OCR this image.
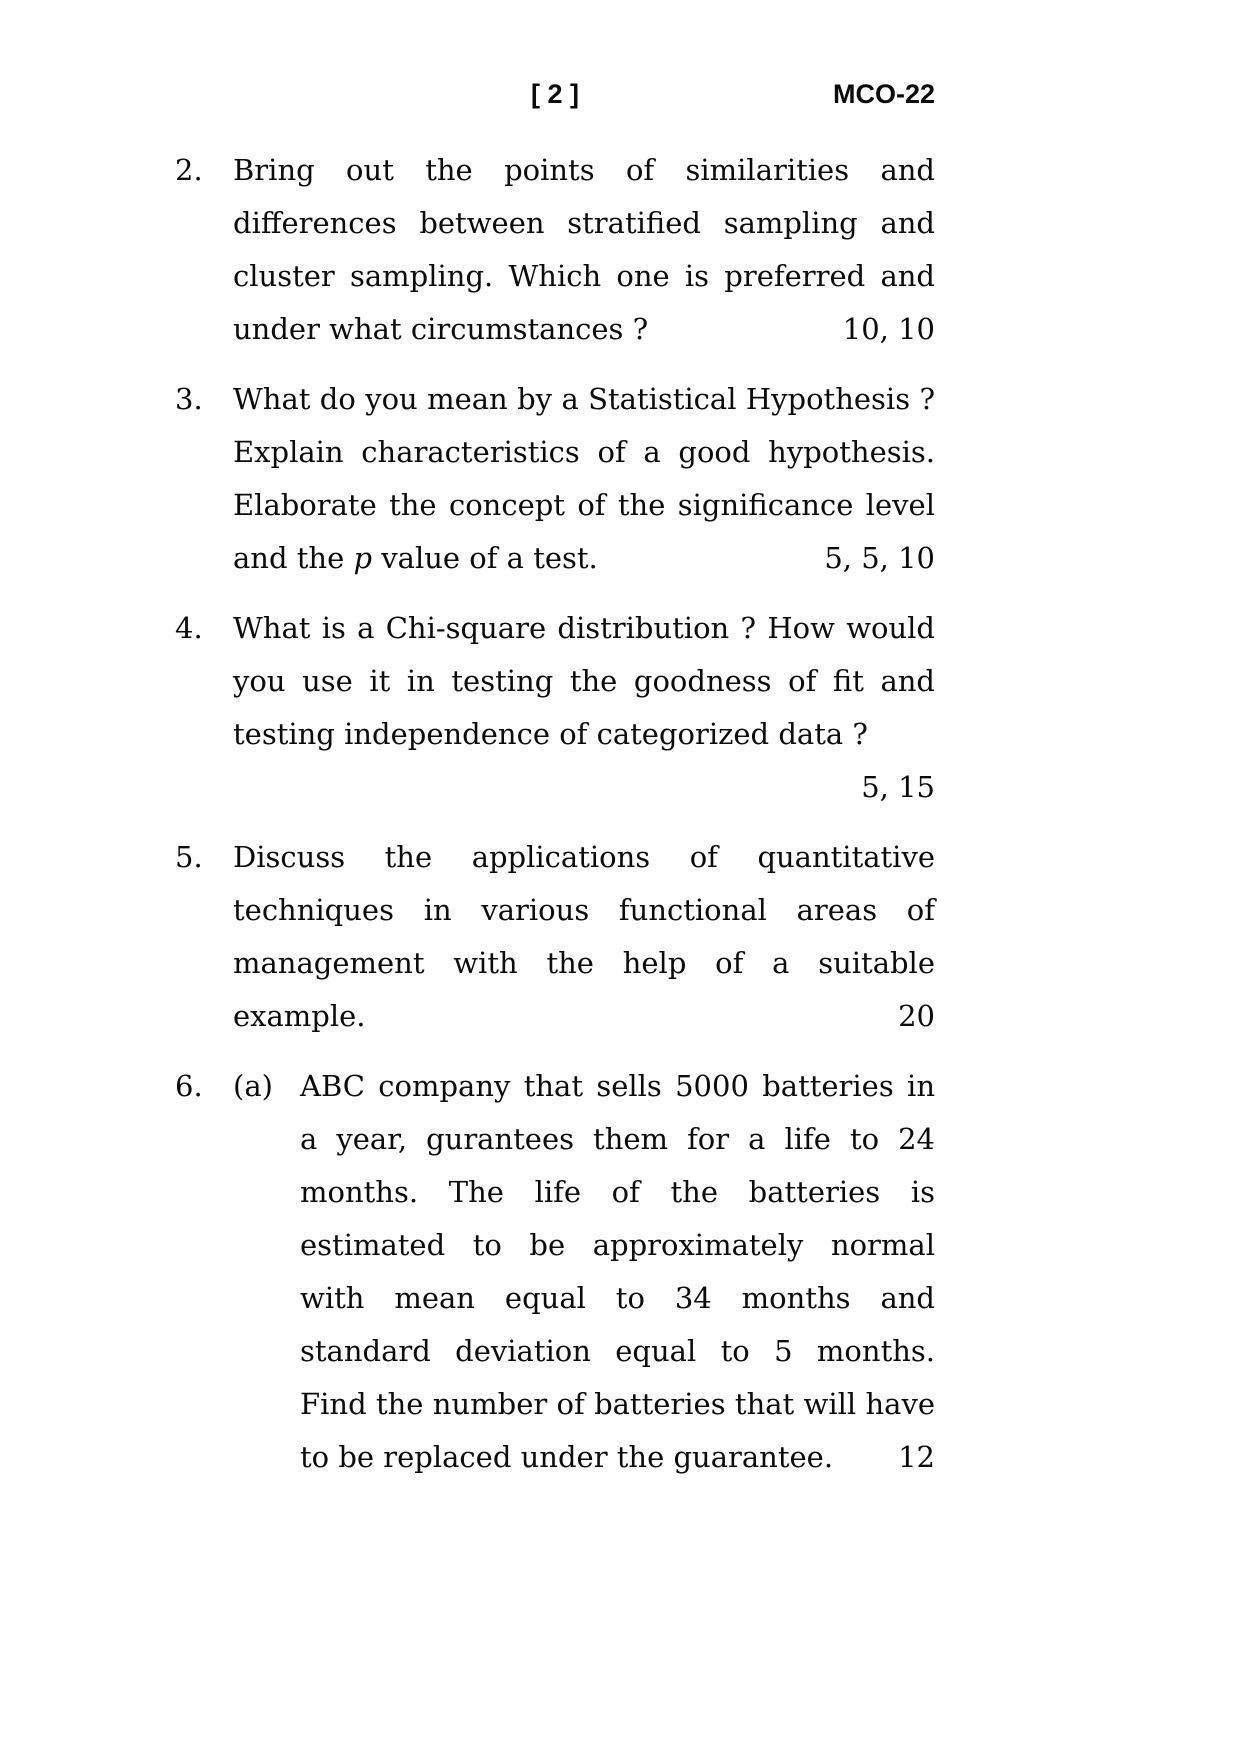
[ 2 ]	MCO-22
2.	Bring out the points of similarities and differences between stratified sampling and cluster sampling. Which one is preferred and under what circumstances ?	10, 10
3.	What do you mean by a Statistical Hypothesis ? Explain characteristics of a good hypothesis. Elaborate the concept of the significance level and the p value of a test.	5, 5, 10
4.	What is a Chi-square distribution ? How would you use it in testing the goodness of fit and testing independence of categorized data ?
5, 15
5.	Discuss the applications of quantitative techniques in various functional areas of management with the help of a suitable example.	20
6.	(a) ABC company that sells 5000 batteries in a year, gurantees them for a life to 24 months. The life of the batteries is estimated to be approximately normal with mean equal to 34 months and standard deviation equal to 5 months. Find the number of batteries that will have to be replaced under the guarantee. 12
